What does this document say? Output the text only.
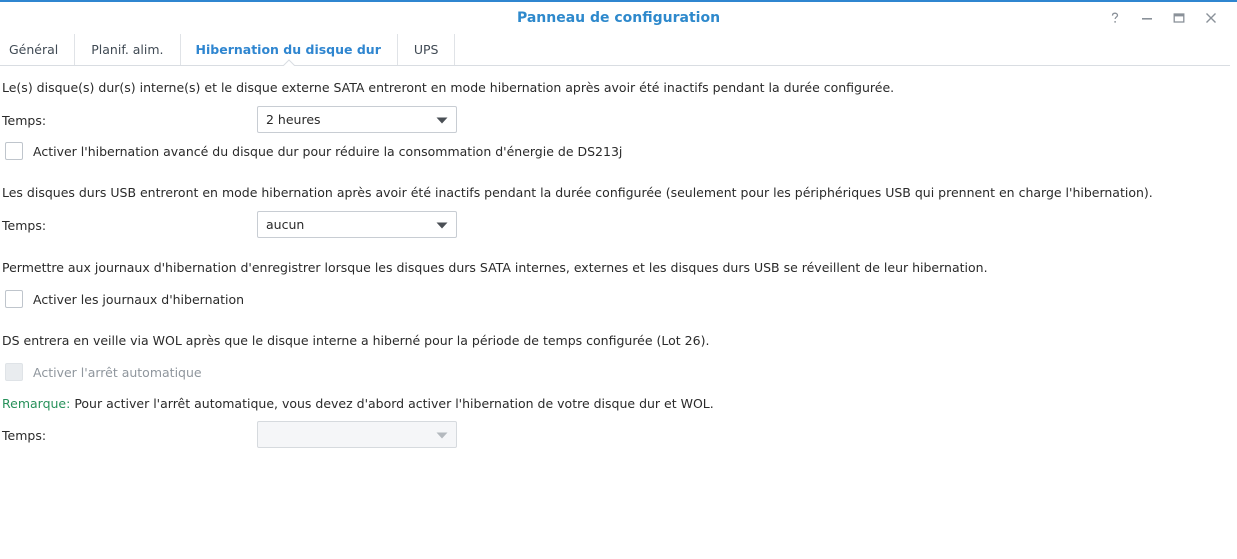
Panneau de configuration
Général	Planif. alim.	Hibernation du disque dur	UPS
Le(s) disque(s) dur(s) interne(s) et le disque externe SATA entreront en mode hibernation après avoir été inactifs pendant la durée configurée.
Temps:	2 heures
Activer l'hibernation avancé du disque dur pour réduire la consommation d'énergie de DS213j
Les disques durs USB entreront en mode hibernation après avoir été inactifs pendant la durée configurée (seulement pour les périphériques USB qui prennent en charge l'hibernation).
Temps:	aucun
Permettre aux journaux d'hibernation d'enregistrer lorsque les disques durs SATA internes, externes et les disques durs USB se réveillent de leur hibernation.
Activer les journaux d'hibernation
DS entrera en veille via WOL après que le disque interne a hiberné pour la période de temps configurée (Lot 26).
Activer l'arrêt automatique
Remarque: Pour activer l'arrêt automatique, vous devez d'abord activer l'hibernation de votre disque dur et WOL.
Temps:
